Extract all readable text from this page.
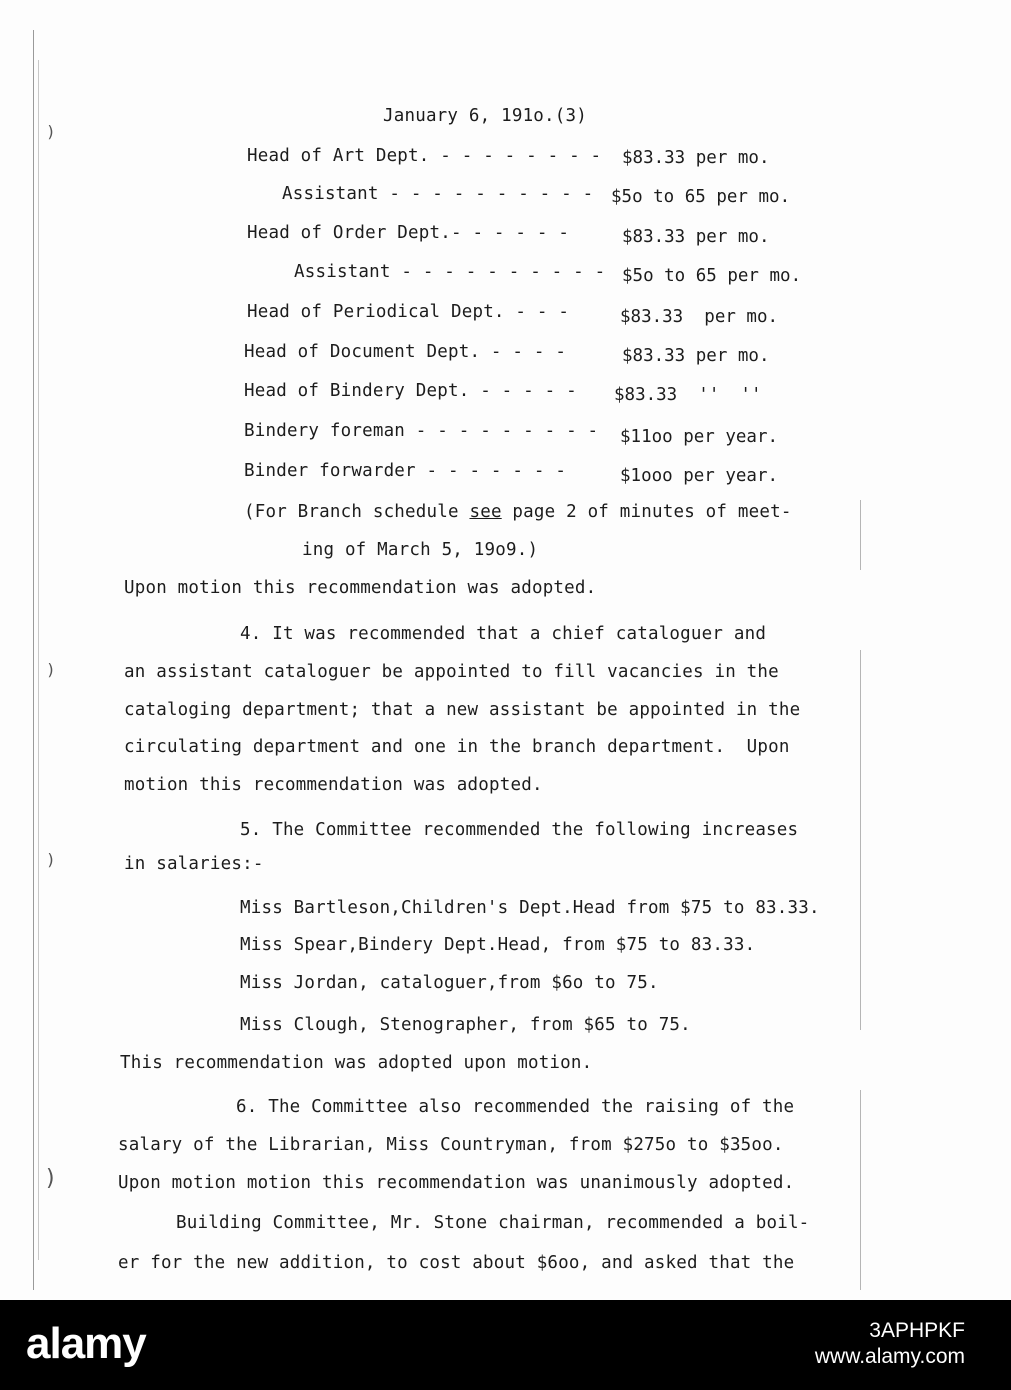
)
)
)
)
January 6, 191o.(3)
Head of Art Dept. - - - - - - - - $83.33 per mo.
Assistant - - - - - - - - - - $5o to 65 per mo.
Head of Order Dept.- - - - - -	$83.33 per mo.
Assistant - - - - - - - - - - $5o to 65 per mo.
Head of Periodical Dept. - - -	$83.33  per mo.
Head of Document Dept. - - - -	$83.33 per mo.
Head of Bindery Dept. - - - - - $83.33  ''  ''
Bindery foreman - - - - - - - - - $11oo per year.
Binder forwarder - - - - - - -	$1ooo per year.
(For Branch schedule see page 2 of minutes of meet-
ing of March 5, 19o9.)
Upon motion this recommendation was adopted.
4. It was recommended that a chief cataloguer and
an assistant cataloguer be appointed to fill vacancies in the
cataloging department; that a new assistant be appointed in the
circulating department and one in the branch department.  Upon
motion this recommendation was adopted.
5. The Committee recommended the following increases
in salaries:-
Miss Bartleson,Children's Dept.Head from $75 to 83.33.
Miss Spear,Bindery Dept.Head, from $75 to 83.33.
Miss Jordan, cataloguer,from $6o to 75.
Miss Clough, Stenographer, from $65 to 75.
This recommendation was adopted upon motion.
6. The Committee also recommended the raising of the
salary of the Librarian, Miss Countryman, from $275o to $35oo.
Upon motion motion this recommendation was unanimously adopted.
Building Committee, Mr. Stone chairman, recommended a boil-
er for the new addition, to cost about $6oo, and asked that the
alamy	3APHPKF
www.alamy.com
